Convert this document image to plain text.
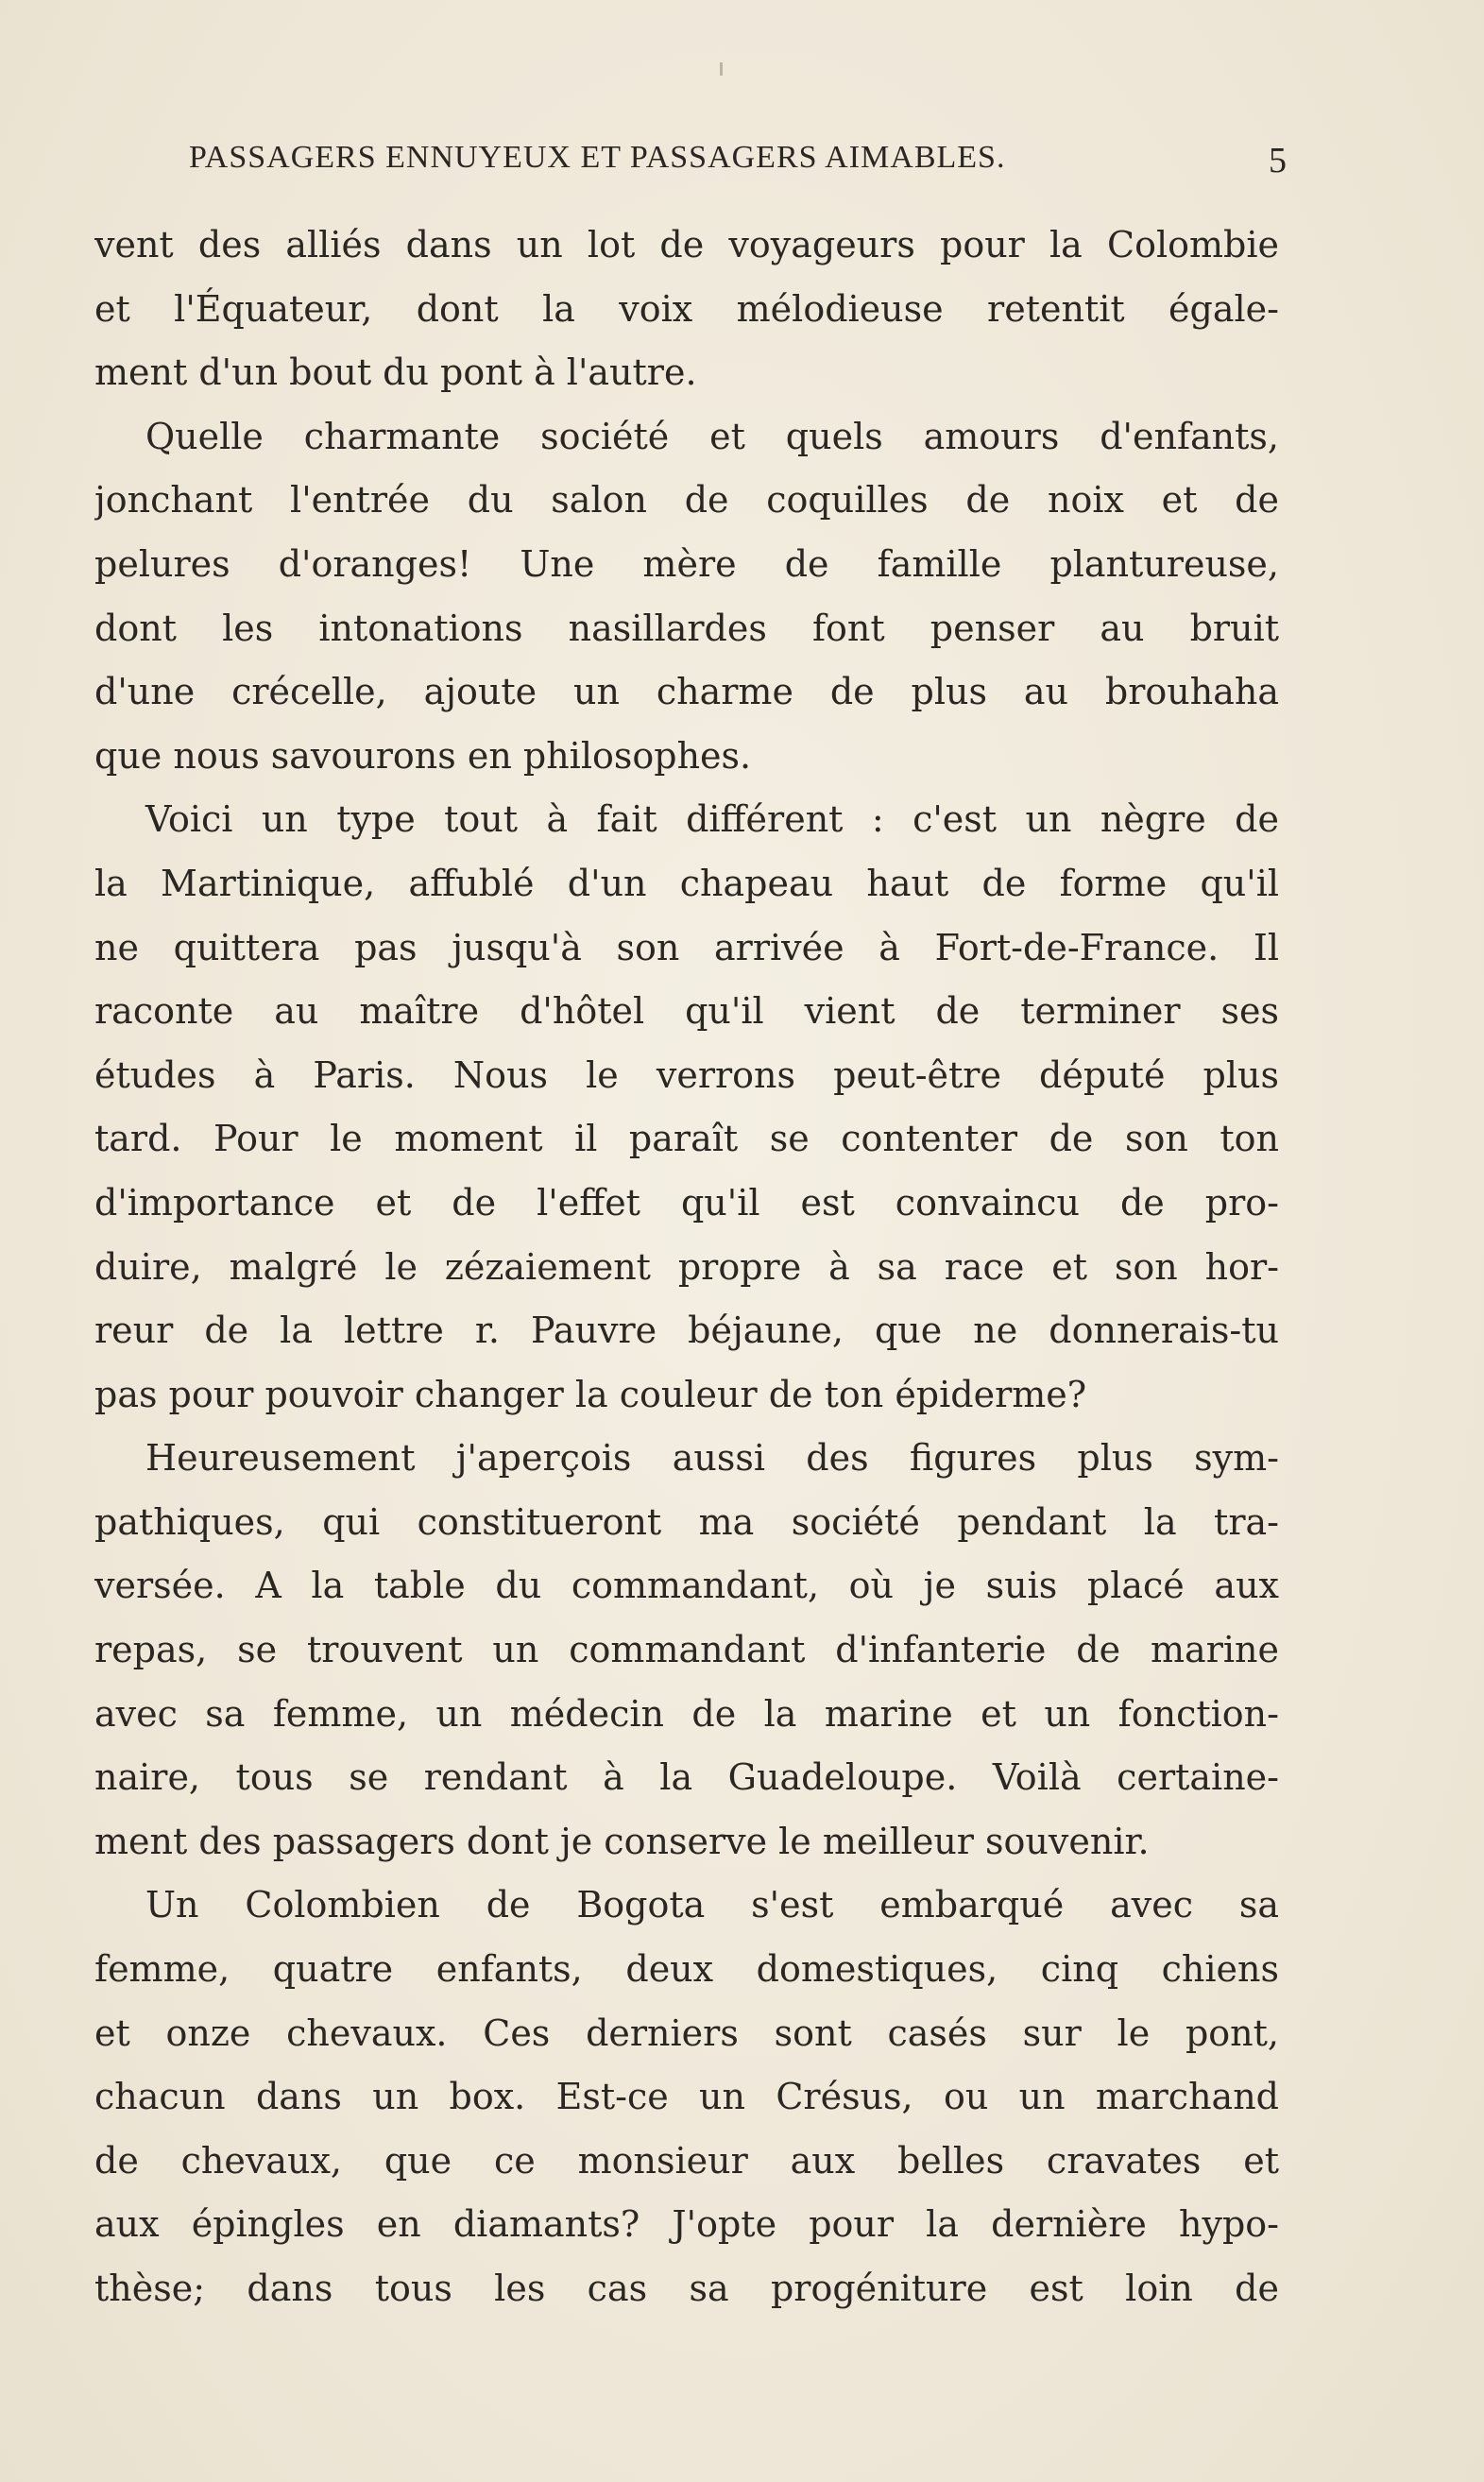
PASSAGERS ENNUYEUX ET PASSAGERS AIMABLES.	5
vent des alliés dans un lot de voyageurs pour la Colombie
et l'Équateur, dont la voix mélodieuse retentit égale-
ment d'un bout du pont à l'autre.
Quelle charmante société et quels amours d'enfants,
jonchant l'entrée du salon de coquilles de noix et de
pelures d'oranges! Une mère de famille plantureuse,
dont les intonations nasillardes font penser au bruit
d'une crécelle, ajoute un charme de plus au brouhaha
que nous savourons en philosophes.
Voici un type tout à fait différent : c'est un nègre de
la Martinique, affublé d'un chapeau haut de forme qu'il
ne quittera pas jusqu'à son arrivée à Fort-de-France. Il
raconte au maître d'hôtel qu'il vient de terminer ses
études à Paris. Nous le verrons peut-être député plus
tard. Pour le moment il paraît se contenter de son ton
d'importance et de l'effet qu'il est convaincu de pro-
duire, malgré le zézaiement propre à sa race et son hor-
reur de la lettre r. Pauvre béjaune, que ne donnerais-tu
pas pour pouvoir changer la couleur de ton épiderme?
Heureusement j'aperçois aussi des figures plus sym-
pathiques, qui constitueront ma société pendant la tra-
versée. A la table du commandant, où je suis placé aux
repas, se trouvent un commandant d'infanterie de marine
avec sa femme, un médecin de la marine et un fonction-
naire, tous se rendant à la Guadeloupe. Voilà certaine-
ment des passagers dont je conserve le meilleur souvenir.
Un Colombien de Bogota s'est embarqué avec sa
femme, quatre enfants, deux domestiques, cinq chiens
et onze chevaux. Ces derniers sont casés sur le pont,
chacun dans un box. Est-ce un Crésus, ou un marchand
de chevaux, que ce monsieur aux belles cravates et
aux épingles en diamants? J'opte pour la dernière hypo-
thèse; dans tous les cas sa progéniture est loin de
